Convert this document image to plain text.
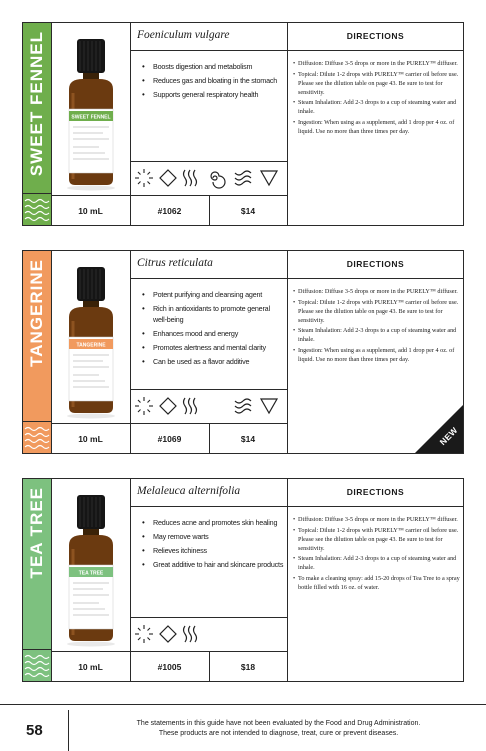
SWEET FENNEL	SWEET FENNEL
Foeniculum vulgare	DIRECTIONS
• Boosts digestion and metabolism
• Reduces gas and bloating in the stomach
• Supports general respiratory health
• Diffusion: Diffuse 3-5 drops or more in the PURELY™ diffuser.
• Topical: Dilute 1-2 drops with PURELY™ carrier oil before use. Please see the dilution table on page 43. Be sure to test for sensitivity.
• Steam Inhalation: Add 2-3 drops to a cup of steaming water and inhale.
• Ingestion: When using as a supplement, add 1 drop per 4 oz. of liquid. Use no more than three times per day.
10 mL	#1062	$14
TANGERINE	TANGERINE
Citrus reticulata	DIRECTIONS
• Potent purifying and cleansing agent
• Rich in antioxidants to promote general well-being
• Enhances mood and energy
• Promotes alertness and mental clarity
• Can be used as a flavor additive
• Diffusion: Diffuse 3-5 drops or more in the PURELY™ diffuser.
• Topical: Dilute 1-2 drops with PURELY™ carrier oil before use. Please see the dilution table on page 43. Be sure to test for sensitivity.
• Steam Inhalation: Add 2-3 drops to a cup of steaming water and inhale.
• Ingestion: When using as a supplement, add 1 drop per 4 oz. of liquid. Use no more than three times per day.
10 mL	#1069	$14	NEW
TEA TREE	TEA TREE
Melaleuca alternifolia	DIRECTIONS
• Reduces acne and promotes skin healing
• May remove warts
• Relieves itchiness
• Great additive to hair and skincare products
• Diffusion: Diffuse 3-5 drops or more in the PURELY™ diffuser.
• Topical: Dilute 1-2 drops with PURELY™ carrier oil before use. Please see the dilution table on page 43. Be sure to test for sensitivity.
• Steam Inhalation: Add 2-3 drops to a cup of steaming water and inhale.
• To make a cleaning spray: add 15-20 drops of Tea Tree to a spray bottle filled with 16 oz. of water.
10 mL	#1005	$18
58	The statements in this guide have not been evaluated by the Food and Drug Administration.
These products are not intended to diagnose, treat, cure or prevent diseases.
